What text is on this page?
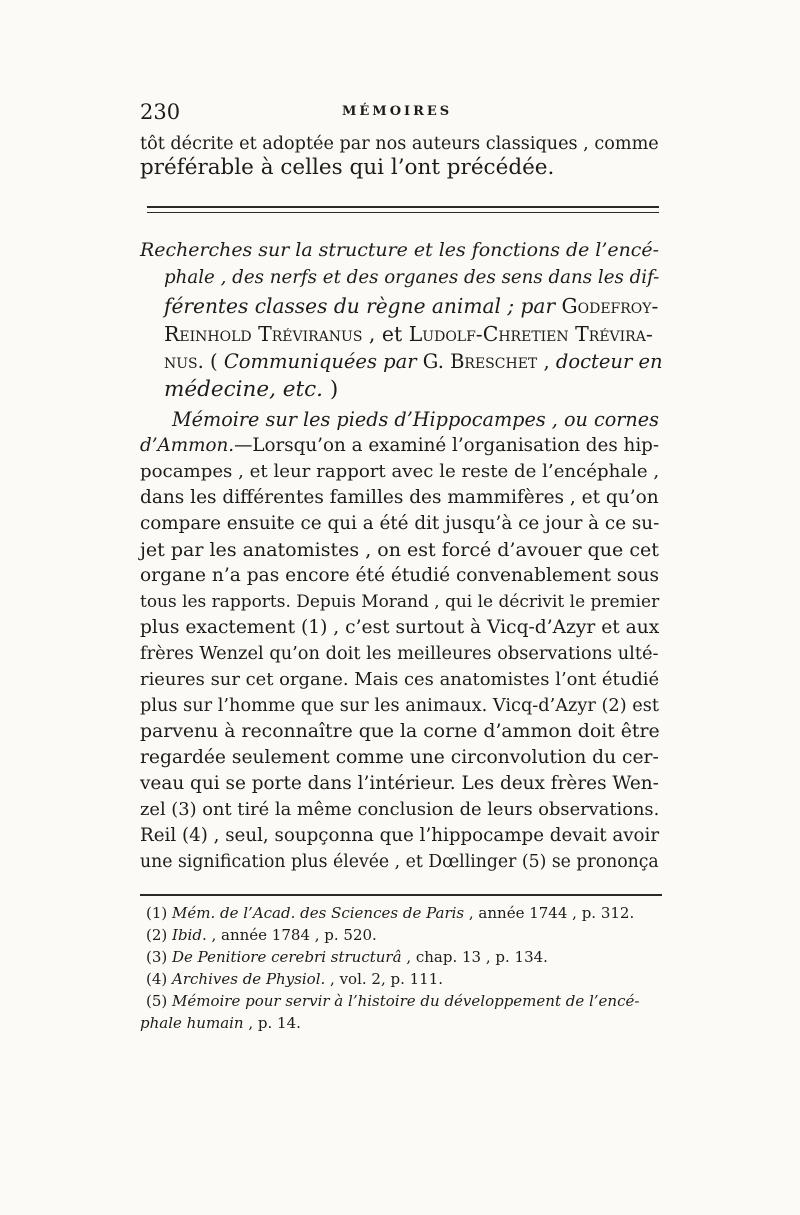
230	MÉMOIRES
tôt décrite et adoptée par nos auteurs classiques , comme
préférable à celles qui l’ont précédée.
Recherches sur la structure et les fonctions de l’encé-
phale , des nerfs et des organes des sens dans les dif-
férentes classes du règne animal ; par Godefroy-
Reinhold Tréviranus , et Ludolf-Chretien Trévira-
nus. ( Communiquées par G. Breschet , docteur en
médecine, etc. )
Mémoire sur les pieds d’Hippocampes , ou cornes
d’Ammon.—Lorsqu’on a examiné l’organisation des hip-
pocampes , et leur rapport avec le reste de l’encéphale ,
dans les différentes familles des mammifères , et qu’on
compare ensuite ce qui a été dit jusqu’à ce jour à ce su-
jet par les anatomistes , on est forcé d’avouer que cet
organe n’a pas encore été étudié convenablement sous
tous les rapports. Depuis Morand , qui le décrivit le premier
plus exactement (1) , c’est surtout à Vicq-d’Azyr et aux
frères Wenzel qu’on doit les meilleures observations ulté-
rieures sur cet organe. Mais ces anatomistes l’ont étudié
plus sur l’homme que sur les animaux. Vicq-d’Azyr (2) est
parvenu à reconnaître que la corne d’ammon doit être
regardée seulement comme une circonvolution du cer-
veau qui se porte dans l’intérieur. Les deux frères Wen-
zel (3) ont tiré la même conclusion de leurs observations.
Reil (4) , seul, soupçonna que l’hippocampe devait avoir
une signification plus élevée , et Dœllinger (5) se prononça
(1) Mém. de l’Acad. des Sciences de Paris , année 1744 , p. 312.
(2) Ibid. , année 1784 , p. 520.
(3) De Penitiore cerebri structurâ , chap. 13 , p. 134.
(4) Archives de Physiol. , vol. 2, p. 111.
(5) Mémoire pour servir à l’histoire du développement de l’encé-
phale humain , p. 14.
